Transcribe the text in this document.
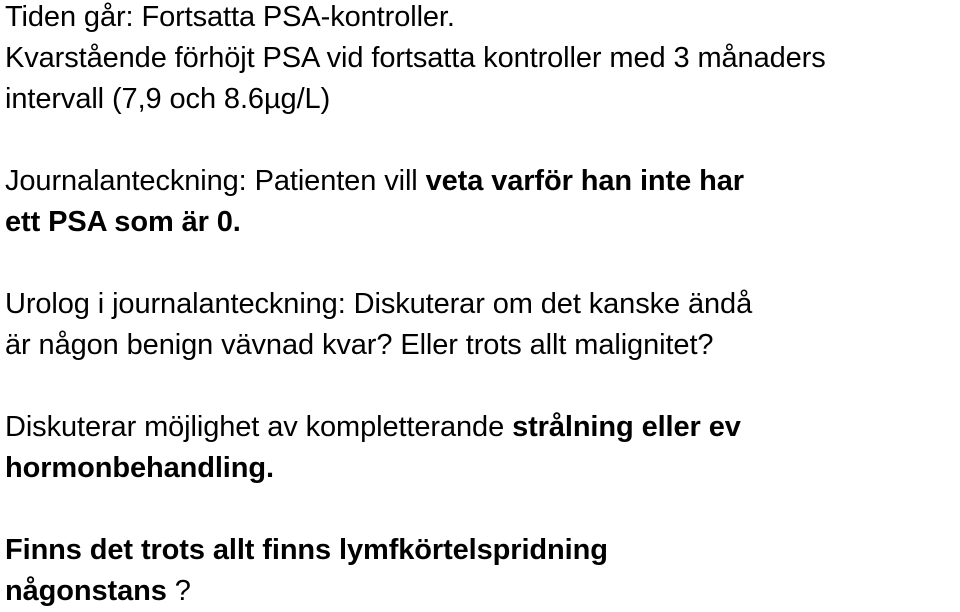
Tiden går: Fortsatta PSA-kontroller.
Kvarstående förhöjt PSA vid fortsatta kontroller med 3 månaders
intervall (7,9 och 8.6µg/L)
Journalanteckning: Patienten vill veta varför han inte har
ett PSA som är 0.
Urolog i journalanteckning: Diskuterar om det kanske ändå
är någon benign vävnad kvar? Eller trots allt malignitet?
Diskuterar möjlighet av kompletterande strålning eller ev
hormonbehandling.
Finns det trots allt finns lymfkörtelspridning
någonstans ?
